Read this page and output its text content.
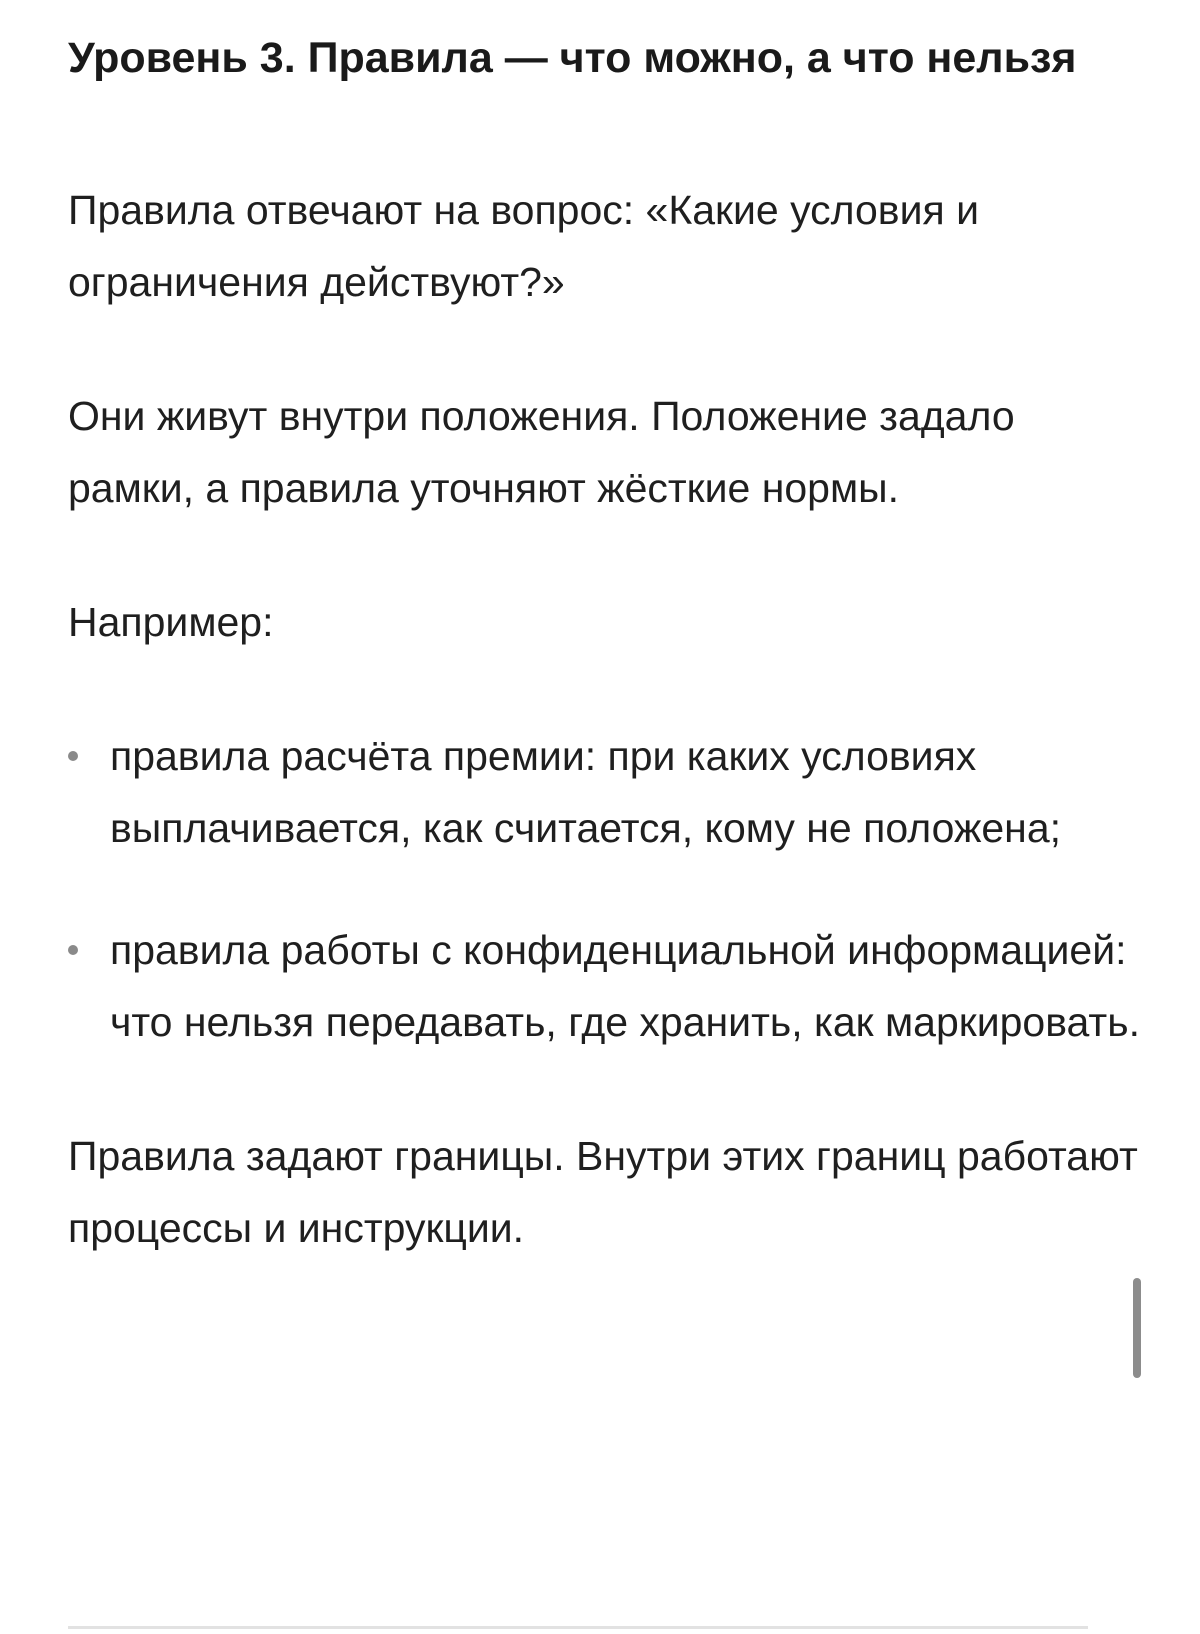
Уровень 3. Правила — что можно, а что нельзя

Правила отвечают на вопрос: «Какие условия и ограничения действуют?»

Они живут внутри положения. Положение задало рамки, а правила уточняют жёсткие нормы.

Например:

правила расчёта премии: при каких условиях выплачивается, как считается, кому не положена;
правила работы с конфиденциальной информацией: что нельзя передавать, где хранить, как маркировать.

Правила задают границы. Внутри этих границ работают процессы и инструкции.
